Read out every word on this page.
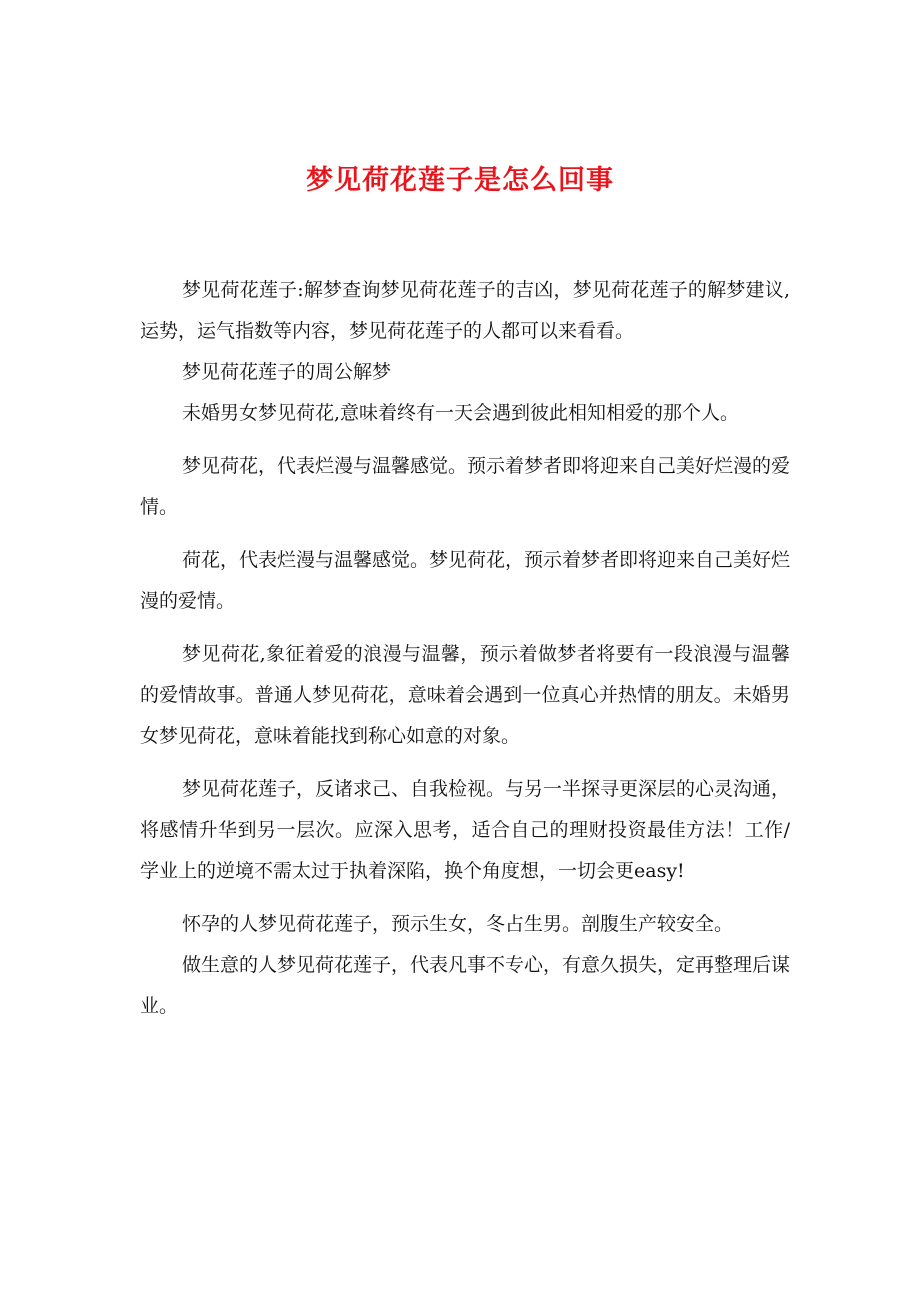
梦见荷花莲子是怎么回事

梦见荷花莲子:解梦查询梦见荷花莲子的吉凶，梦见荷花莲子的解梦建议,运势，运气指数等内容，梦见荷花莲子的人都可以来看看。

梦见荷花莲子的周公解梦

未婚男女梦见荷花,意味着终有一天会遇到彼此相知相爱的那个人。

梦见荷花，代表烂漫与温馨感觉。预示着梦者即将迎来自己美好烂漫的爱情。

荷花，代表烂漫与温馨感觉。梦见荷花，预示着梦者即将迎来自己美好烂漫的爱情。

梦见荷花,象征着爱的浪漫与温馨，预示着做梦者将要有一段浪漫与温馨的爱情故事。普通人梦见荷花，意味着会遇到一位真心并热情的朋友。未婚男女梦见荷花，意味着能找到称心如意的对象。

梦见荷花莲子，反诸求己、自我检视。与另一半探寻更深层的心灵沟通，将感情升华到另一层次。应深入思考，适合自己的理财投资最佳方法！工作/学业上的逆境不需太过于执着深陷，换个角度想，一切会更easy!

怀孕的人梦见荷花莲子，预示生女，冬占生男。剖腹生产较安全。

做生意的人梦见荷花莲子，代表凡事不专心，有意久损失，定再整理后谋业。
